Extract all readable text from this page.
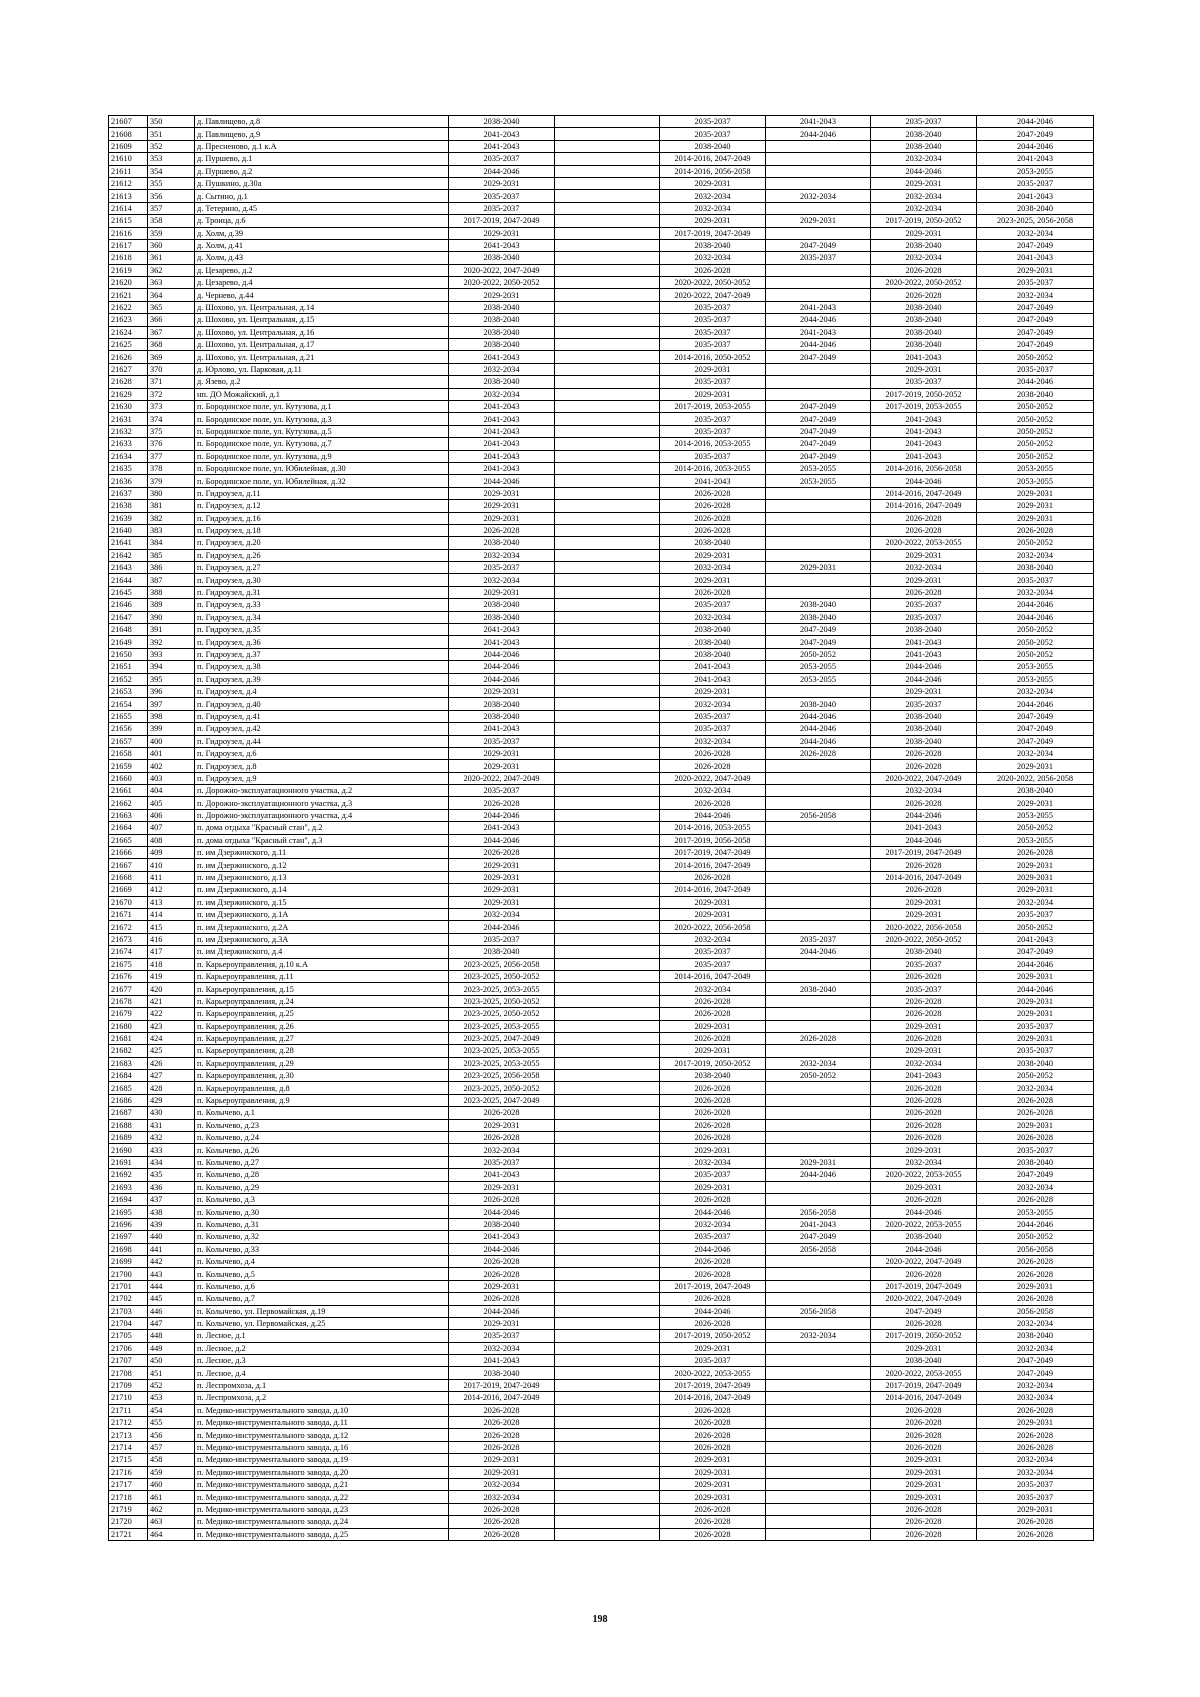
21607	350	д. Павлищево, д.8	2038-2040		2035-2037	2041-2043	2035-2037	2044-2046
21608	351	д. Павлищево, д.9	2041-2043		2035-2037	2044-2046	2038-2040	2047-2049
21609	352	д. Пресненово, д.1 к.А	2041-2043		2038-2040		2038-2040	2044-2046
21610	353	д. Пуршево, д.1	2035-2037		2014-2016, 2047-2049		2032-2034	2041-2043
21611	354	д. Пуршево, д.2	2044-2046		2014-2016, 2056-2058		2044-2046	2053-2055
21612	355	д. Пушкино, д.30а	2029-2031		2029-2031		2029-2031	2035-2037
21613	356	д. Сытино, д.1	2035-2037		2032-2034	2032-2034	2032-2034	2041-2043
21614	357	д. Тетерино, д.45	2035-2037		2032-2034		2032-2034	2038-2040
21615	358	д. Троица, д.6	2017-2019, 2047-2049		2029-2031	2029-2031	2017-2019, 2050-2052	2023-2025, 2056-2058
21616	359	д. Холм, д.39	2029-2031		2017-2019, 2047-2049		2029-2031	2032-2034
21617	360	д. Холм, д.41	2041-2043		2038-2040	2047-2049	2038-2040	2047-2049
21618	361	д. Холм, д.43	2038-2040		2032-2034	2035-2037	2032-2034	2041-2043
21619	362	д. Цезарево, д.2	2020-2022, 2047-2049		2026-2028		2026-2028	2029-2031
21620	363	д. Цезарево, д.4	2020-2022, 2050-2052		2020-2022, 2050-2052		2020-2022, 2050-2052	2035-2037
21621	364	д. Чернево, д.44	2029-2031		2020-2022, 2047-2049		2026-2028	2032-2034
21622	365	д. Шохово, ул. Центральная, д.14	2038-2040		2035-2037	2041-2043	2038-2040	2047-2049
21623	366	д. Шохово, ул. Центральная, д.15	2038-2040		2035-2037	2044-2046	2038-2040	2047-2049
21624	367	д. Шохово, ул. Центральная, д.16	2038-2040		2035-2037	2041-2043	2038-2040	2047-2049
21625	368	д. Шохово, ул. Центральная, д.17	2038-2040		2035-2037	2044-2046	2038-2040	2047-2049
21626	369	д. Шохово, ул. Центральная, д.21	2041-2043		2014-2016, 2050-2052	2047-2049	2041-2043	2050-2052
21627	370	д. Юрлово, ул. Парковая, д.11	2032-2034		2029-2031		2029-2031	2035-2037
21628	371	д. Язево, д.2	2038-2040		2035-2037		2035-2037	2044-2046
21629	372	нп. ДО Можайский, д.1	2032-2034		2029-2031		2017-2019, 2050-2052	2038-2040
21630	373	п. Бородинское поле, ул. Кутузова, д.1	2041-2043		2017-2019, 2053-2055	2047-2049	2017-2019, 2053-2055	2050-2052
21631	374	п. Бородинское поле, ул. Кутузова, д.3	2041-2043		2035-2037	2047-2049	2041-2043	2050-2052
21632	375	п. Бородинское поле, ул. Кутузова, д.5	2041-2043		2035-2037	2047-2049	2041-2043	2050-2052
21633	376	п. Бородинское поле, ул. Кутузова, д.7	2041-2043		2014-2016, 2053-2055	2047-2049	2041-2043	2050-2052
21634	377	п. Бородинское поле, ул. Кутузова, д.9	2041-2043		2035-2037	2047-2049	2041-2043	2050-2052
21635	378	п. Бородинское поле, ул. Юбилейная, д.30	2041-2043		2014-2016, 2053-2055	2053-2055	2014-2016, 2056-2058	2053-2055
21636	379	п. Бородинское поле, ул. Юбилейная, д.32	2044-2046		2041-2043	2053-2055	2044-2046	2053-2055
21637	380	п. Гидроузел, д.11	2029-2031		2026-2028		2014-2016, 2047-2049	2029-2031
21638	381	п. Гидроузел, д.12	2029-2031		2026-2028		2014-2016, 2047-2049	2029-2031
21639	382	п. Гидроузел, д.16	2029-2031		2026-2028		2026-2028	2029-2031
21640	383	п. Гидроузел, д.18	2026-2028		2026-2028		2026-2028	2026-2028
21641	384	п. Гидроузел, д.20	2038-2040		2038-2040		2020-2022, 2053-2055	2050-2052
21642	385	п. Гидроузел, д.26	2032-2034		2029-2031		2029-2031	2032-2034
21643	386	п. Гидроузел, д.27	2035-2037		2032-2034	2029-2031	2032-2034	2038-2040
21644	387	п. Гидроузел, д.30	2032-2034		2029-2031		2029-2031	2035-2037
21645	388	п. Гидроузел, д.31	2029-2031		2026-2028		2026-2028	2032-2034
21646	389	п. Гидроузел, д.33	2038-2040		2035-2037	2038-2040	2035-2037	2044-2046
21647	390	п. Гидроузел, д.34	2038-2040		2032-2034	2038-2040	2035-2037	2044-2046
21648	391	п. Гидроузел, д.35	2041-2043		2038-2040	2047-2049	2038-2040	2050-2052
21649	392	п. Гидроузел, д.36	2041-2043		2038-2040	2047-2049	2041-2043	2050-2052
21650	393	п. Гидроузел, д.37	2044-2046		2038-2040	2050-2052	2041-2043	2050-2052
21651	394	п. Гидроузел, д.38	2044-2046		2041-2043	2053-2055	2044-2046	2053-2055
21652	395	п. Гидроузел, д.39	2044-2046		2041-2043	2053-2055	2044-2046	2053-2055
21653	396	п. Гидроузел, д.4	2029-2031		2029-2031		2029-2031	2032-2034
21654	397	п. Гидроузел, д.40	2038-2040		2032-2034	2038-2040	2035-2037	2044-2046
21655	398	п. Гидроузел, д.41	2038-2040		2035-2037	2044-2046	2038-2040	2047-2049
21656	399	п. Гидроузел, д.42	2041-2043		2035-2037	2044-2046	2038-2040	2047-2049
21657	400	п. Гидроузел, д.44	2035-2037		2032-2034	2044-2046	2038-2040	2047-2049
21658	401	п. Гидроузел, д.6	2029-2031		2026-2028	2026-2028	2026-2028	2032-2034
21659	402	п. Гидроузел, д.8	2029-2031		2026-2028		2026-2028	2029-2031
21660	403	п. Гидроузел, д.9	2020-2022, 2047-2049		2020-2022, 2047-2049		2020-2022, 2047-2049	2020-2022, 2056-2058
21661	404	п. Дорожно-эксплуатационного участка, д.2	2035-2037		2032-2034		2032-2034	2038-2040
21662	405	п. Дорожно-эксплуатационного участка, д.3	2026-2028		2026-2028		2026-2028	2029-2031
21663	406	п. Дорожно-эксплуатационного участка, д.4	2044-2046		2044-2046	2056-2058	2044-2046	2053-2055
21664	407	п. дома отдыха "Красный стан", д.2	2041-2043		2014-2016, 2053-2055		2041-2043	2050-2052
21665	408	п. дома отдыха "Красный стан", д.3	2044-2046		2017-2019, 2056-2058		2044-2046	2053-2055
21666	409	п. им Дзержинского, д.11	2026-2028		2017-2019, 2047-2049		2017-2019, 2047-2049	2026-2028
21667	410	п. им Дзержинского, д.12	2029-2031		2014-2016, 2047-2049		2026-2028	2029-2031
21668	411	п. им Дзержинского, д.13	2029-2031		2026-2028		2014-2016, 2047-2049	2029-2031
21669	412	п. им Дзержинского, д.14	2029-2031		2014-2016, 2047-2049		2026-2028	2029-2031
21670	413	п. им Дзержинского, д.15	2029-2031		2029-2031		2029-2031	2032-2034
21671	414	п. им Дзержинского, д.1А	2032-2034		2029-2031		2029-2031	2035-2037
21672	415	п. им Дзержинского, д.2А	2044-2046		2020-2022, 2056-2058		2020-2022, 2056-2058	2050-2052
21673	416	п. им Дзержинского, д.3А	2035-2037		2032-2034	2035-2037	2020-2022, 2050-2052	2041-2043
21674	417	п. им Дзержинского, д.4	2038-2040		2035-2037	2044-2046	2038-2040	2047-2049
21675	418	п. Карьероуправления, д.10 к.А	2023-2025, 2056-2058		2035-2037		2035-2037	2044-2046
21676	419	п. Карьероуправления, д.11	2023-2025, 2050-2052		2014-2016, 2047-2049		2026-2028	2029-2031
21677	420	п. Карьероуправления, д.15	2023-2025, 2053-2055		2032-2034	2038-2040	2035-2037	2044-2046
21678	421	п. Карьероуправления, д.24	2023-2025, 2050-2052		2026-2028		2026-2028	2029-2031
21679	422	п. Карьероуправления, д.25	2023-2025, 2050-2052		2026-2028		2026-2028	2029-2031
21680	423	п. Карьероуправления, д.26	2023-2025, 2053-2055		2029-2031		2029-2031	2035-2037
21681	424	п. Карьероуправления, д.27	2023-2025, 2047-2049		2026-2028	2026-2028	2026-2028	2029-2031
21682	425	п. Карьероуправления, д.28	2023-2025, 2053-2055		2029-2031		2029-2031	2035-2037
21683	426	п. Карьероуправления, д.29	2023-2025, 2053-2055		2017-2019, 2050-2052	2032-2034	2032-2034	2038-2040
21684	427	п. Карьероуправления, д.30	2023-2025, 2056-2058		2038-2040	2050-2052	2041-2043	2050-2052
21685	428	п. Карьероуправления, д.8	2023-2025, 2050-2052		2026-2028		2026-2028	2032-2034
21686	429	п. Карьероуправления, д.9	2023-2025, 2047-2049		2026-2028		2026-2028	2026-2028
21687	430	п. Колычево, д.1	2026-2028		2026-2028		2026-2028	2026-2028
21688	431	п. Колычево, д.23	2029-2031		2026-2028		2026-2028	2029-2031
21689	432	п. Колычево, д.24	2026-2028		2026-2028		2026-2028	2026-2028
21690	433	п. Колычево, д.26	2032-2034		2029-2031		2029-2031	2035-2037
21691	434	п. Колычево, д.27	2035-2037		2032-2034	2029-2031	2032-2034	2038-2040
21692	435	п. Колычево, д.28	2041-2043		2035-2037	2044-2046	2020-2022, 2053-2055	2047-2049
21693	436	п. Колычево, д.29	2029-2031		2029-2031		2029-2031	2032-2034
21694	437	п. Колычево, д.3	2026-2028		2026-2028		2026-2028	2026-2028
21695	438	п. Колычево, д.30	2044-2046		2044-2046	2056-2058	2044-2046	2053-2055
21696	439	п. Колычево, д.31	2038-2040		2032-2034	2041-2043	2020-2022, 2053-2055	2044-2046
21697	440	п. Колычево, д.32	2041-2043		2035-2037	2047-2049	2038-2040	2050-2052
21698	441	п. Колычево, д.33	2044-2046		2044-2046	2056-2058	2044-2046	2056-2058
21699	442	п. Колычево, д.4	2026-2028		2026-2028		2020-2022, 2047-2049	2026-2028
21700	443	п. Колычево, д.5	2026-2028		2026-2028		2026-2028	2026-2028
21701	444	п. Колычево, д.6	2029-2031		2017-2019, 2047-2049		2017-2019, 2047-2049	2029-2031
21702	445	п. Колычево, д.7	2026-2028		2026-2028		2020-2022, 2047-2049	2026-2028
21703	446	п. Колычево, ул. Первомайская, д.19	2044-2046		2044-2046	2056-2058	2047-2049	2056-2058
21704	447	п. Колычево, ул. Первомайская, д.25	2029-2031		2026-2028		2026-2028	2032-2034
21705	448	п. Лесное, д.1	2035-2037		2017-2019, 2050-2052	2032-2034	2017-2019, 2050-2052	2038-2040
21706	449	п. Лесное, д.2	2032-2034		2029-2031		2029-2031	2032-2034
21707	450	п. Лесное, д.3	2041-2043		2035-2037		2038-2040	2047-2049
21708	451	п. Лесное, д.4	2038-2040		2020-2022, 2053-2055		2020-2022, 2053-2055	2047-2049
21709	452	п. Леспромхоза, д.1	2017-2019, 2047-2049		2017-2019, 2047-2049		2017-2019, 2047-2049	2032-2034
21710	453	п. Леспромхоза, д.2	2014-2016, 2047-2049		2014-2016, 2047-2049		2014-2016, 2047-2049	2032-2034
21711	454	п. Медико-инструментального завода, д.10	2026-2028		2026-2028		2026-2028	2026-2028
21712	455	п. Медико-инструментального завода, д.11	2026-2028		2026-2028		2026-2028	2029-2031
21713	456	п. Медико-инструментального завода, д.12	2026-2028		2026-2028		2026-2028	2026-2028
21714	457	п. Медико-инструментального завода, д.16	2026-2028		2026-2028		2026-2028	2026-2028
21715	458	п. Медико-инструментального завода, д.19	2029-2031		2029-2031		2029-2031	2032-2034
21716	459	п. Медико-инструментального завода, д.20	2029-2031		2029-2031		2029-2031	2032-2034
21717	460	п. Медико-инструментального завода, д.21	2032-2034		2029-2031		2029-2031	2035-2037
21718	461	п. Медико-инструментального завода, д.22	2032-2034		2029-2031		2029-2031	2035-2037
21719	462	п. Медико-инструментального завода, д.23	2026-2028		2026-2028		2026-2028	2029-2031
21720	463	п. Медико-инструментального завода, д.24	2026-2028		2026-2028		2026-2028	2026-2028
21721	464	п. Медико-инструментального завода, д.25	2026-2028		2026-2028		2026-2028	2026-2028
198
